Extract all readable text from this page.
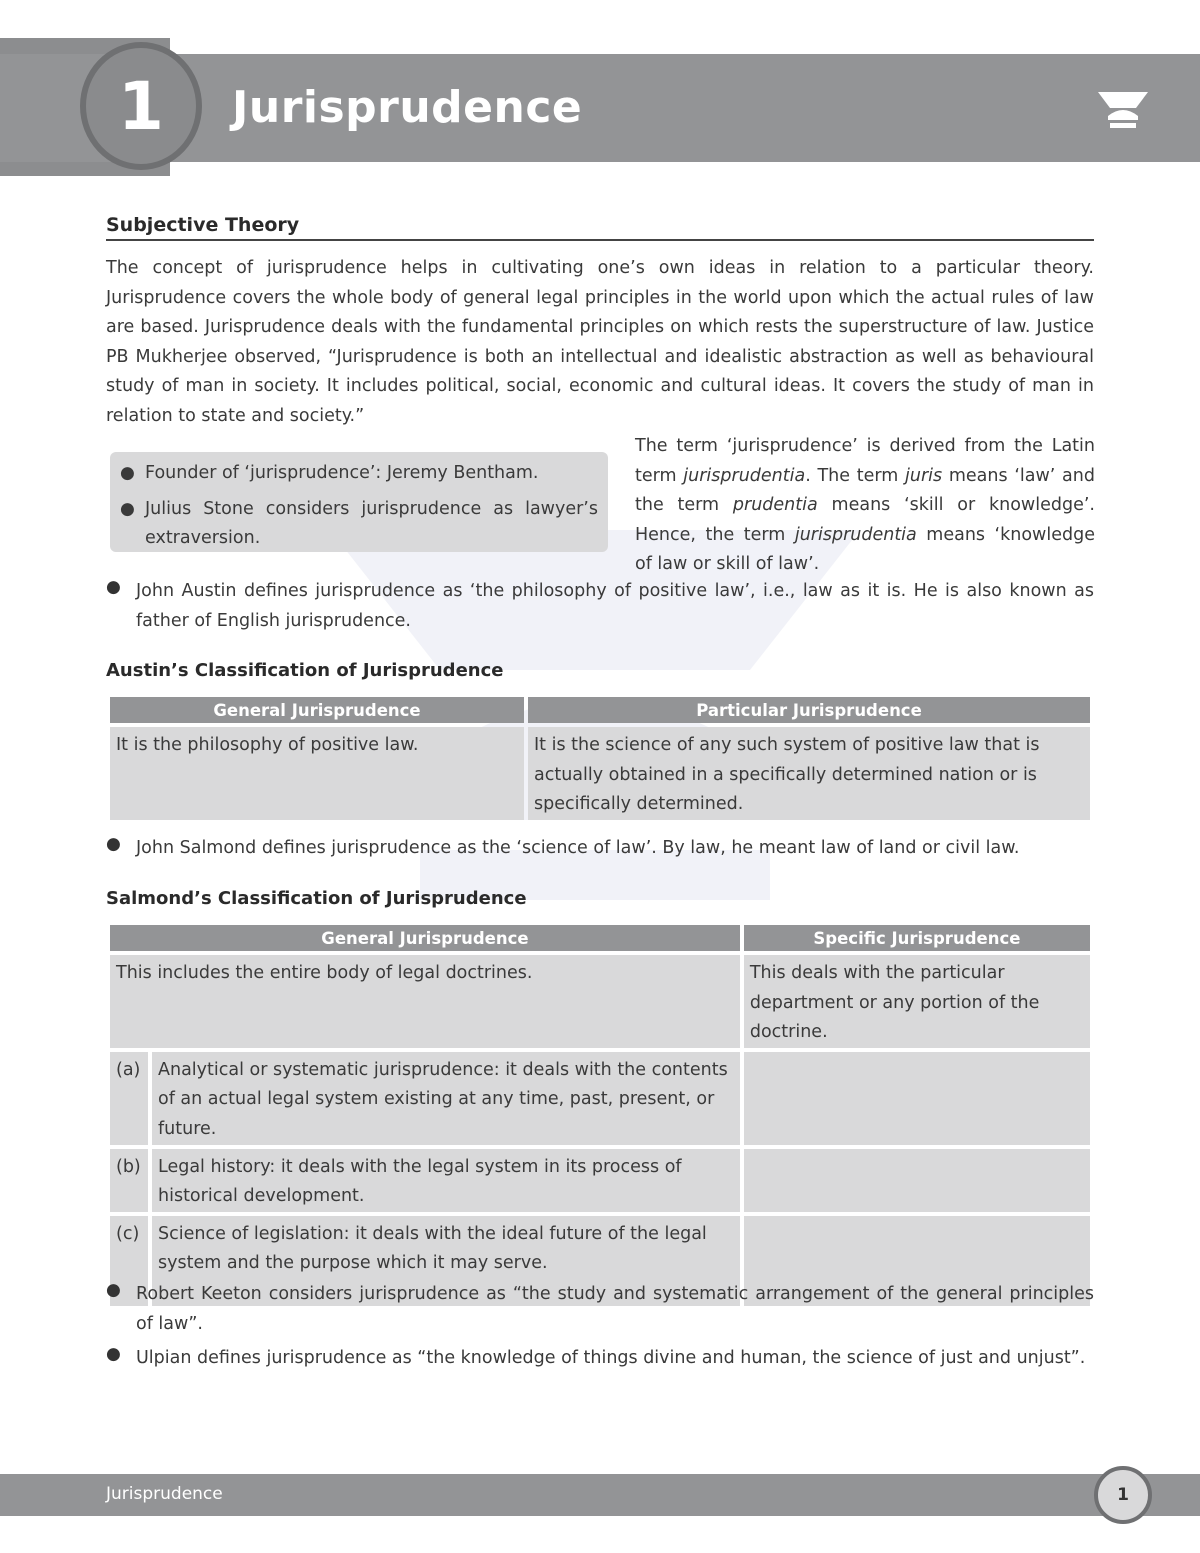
1	Jurisprudence
Subjective Theory
The concept of jurisprudence helps in cultivating one’s own ideas in relation to a particular theory. Jurisprudence covers the whole body of general legal principles in the world upon which the actual rules of law are based. Jurisprudence deals with the fundamental principles on which rests the superstructure of law. Justice PB Mukherjee observed, “Jurisprudence is both an intellectual and idealistic abstraction as well as behavioural study of man in society. It includes political, social, economic and cultural ideas. It covers the study of man in relation to state and society.”
● Founder of ‘jurisprudence’: Jeremy Bentham.
● Julius Stone considers jurisprudence as lawyer’s extraversion.
The term ‘jurisprudence’ is derived from the Latin term jurisprudentia. The term juris means ‘law’ and the term prudentia means ‘skill or knowledge’. Hence, the term jurisprudentia means ‘knowledge of law or skill of law’.
● John Austin defines jurisprudence as ‘the philosophy of positive law’, i.e., law as it is. He is also known as father of English jurisprudence.
Austin’s Classification of Jurisprudence
General Jurisprudence	Particular Jurisprudence
It is the philosophy of positive law.	It is the science of any such system of positive law that is actually obtained in a specifically determined nation or is specifically determined.
● John Salmond defines jurisprudence as the ‘science of law’. By law, he meant law of land or civil law.
Salmond’s Classification of Jurisprudence
General Jurisprudence		Specific Jurisprudence
This includes the entire body of legal doctrines.		This deals with the particular department or any portion of the doctrine.
(a)	Analytical or systematic jurisprudence: it deals with the contents of an actual legal system existing at any time, past, present, or future.	
(b)	Legal history: it deals with the legal system in its process of historical development.	
(c)	Science of legislation: it deals with the ideal future of the legal system and the purpose which it may serve.	
● Robert Keeton considers jurisprudence as “the study and systematic arrangement of the general principles of law”.
● Ulpian defines jurisprudence as “the knowledge of things divine and human, the science of just and unjust”.
Jurisprudence	1
